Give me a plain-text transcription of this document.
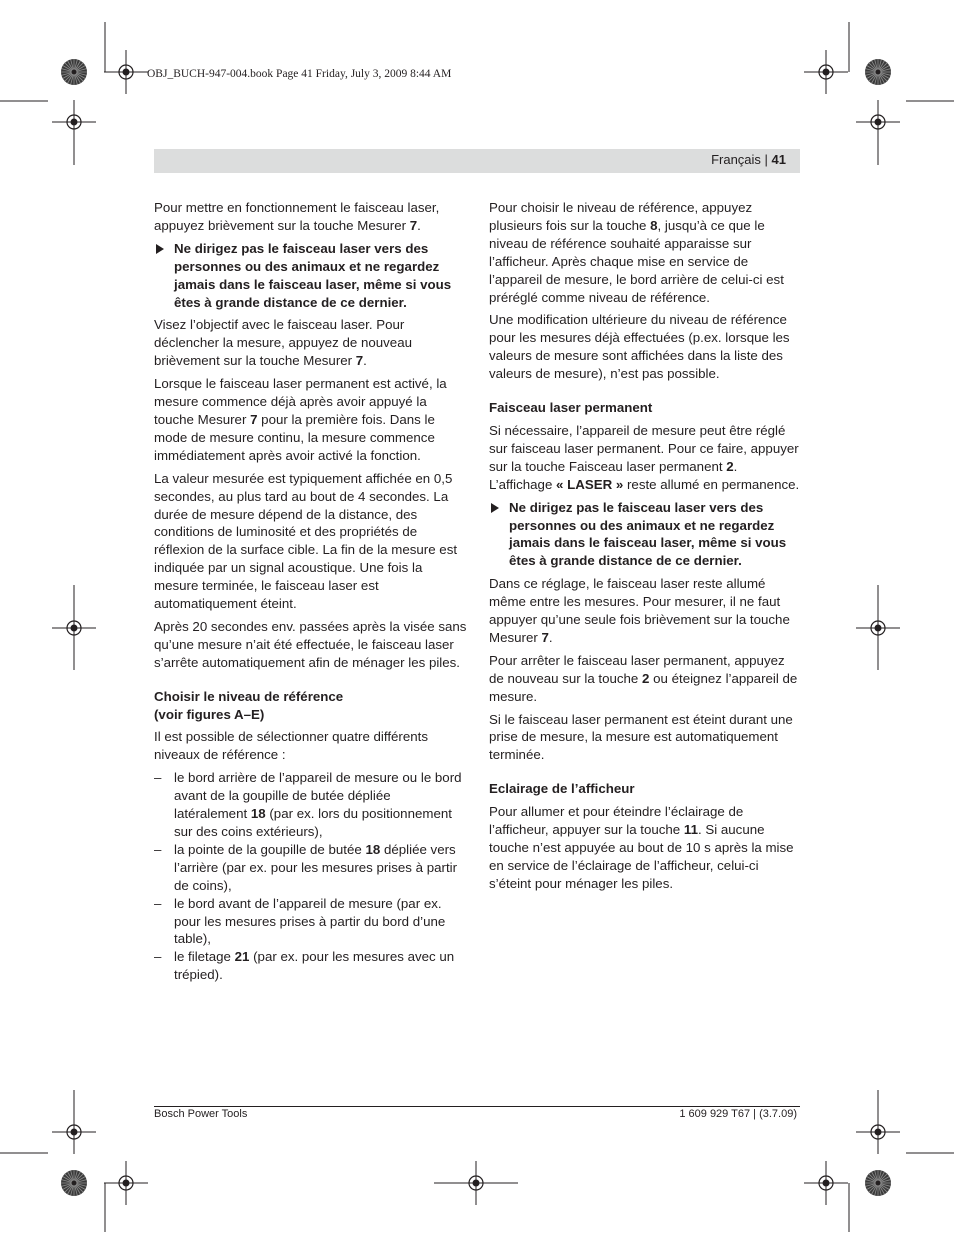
OBJ_BUCH-947-004.book Page 41 Friday, July 3, 2009 8:44 AM
Français | 41

Pour mettre en fonctionnement le faisceau laser, appuyez brièvement sur la touche Mesurer 7.

Ne dirigez pas le faisceau laser vers des personnes ou des animaux et ne regardez jamais dans le faisceau laser, même si vous êtes à grande distance de ce dernier.

Visez l’objectif avec le faisceau laser. Pour déclencher la mesure, appuyez de nouveau brièvement sur la touche Mesurer 7.

Lorsque le faisceau laser permanent est activé, la mesure commence déjà après avoir appuyé la touche Mesurer 7 pour la première fois. Dans le mode de mesure continu, la mesure commence immédiatement après avoir activé la fonction.

La valeur mesurée est typiquement affichée en 0,5 secondes, au plus tard au bout de 4 secondes. La durée de mesure dépend de la distance, des conditions de luminosité et des propriétés de réflexion de la surface cible. La fin de la mesure est indiquée par un signal acoustique. Une fois la mesure terminée, le faisceau laser est automatiquement éteint.

Après 20 secondes env. passées après la visée sans qu’une mesure n’ait été effectuée, le faisceau laser s’arrête automatiquement afin de ménager les piles.

Choisir le niveau de référence
(voir figures A–E)

Il est possible de sélectionner quatre différents niveaux de référence :

– le bord arrière de l’appareil de mesure ou le bord avant de la goupille de butée dépliée latéralement 18 (par ex. lors du positionnement sur des coins extérieurs),
– la pointe de la goupille de butée 18 dépliée vers l’arrière (par ex. pour les mesures prises à partir de coins),
– le bord avant de l’appareil de mesure (par ex. pour les mesures prises à partir du bord d’une table),
– le filetage 21 (par ex. pour les mesures avec un trépied).

Pour choisir le niveau de référence, appuyez plusieurs fois sur la touche 8, jusqu’à ce que le niveau de référence souhaité apparaisse sur l’afficheur. Après chaque mise en service de l’appareil de mesure, le bord arrière de celui-ci est préréglé comme niveau de référence.

Une modification ultérieure du niveau de référence pour les mesures déjà effectuées (p.ex. lorsque les valeurs de mesure sont affichées dans la liste des valeurs de mesure), n’est pas possible.

Faisceau laser permanent

Si nécessaire, l’appareil de mesure peut être réglé sur faisceau laser permanent. Pour ce faire, appuyer sur la touche Faisceau laser permanent 2. L’affichage « LASER » reste allumé en permanence.

Ne dirigez pas le faisceau laser vers des personnes ou des animaux et ne regardez jamais dans le faisceau laser, même si vous êtes à grande distance de ce dernier.

Dans ce réglage, le faisceau laser reste allumé même entre les mesures. Pour mesurer, il ne faut appuyer qu’une seule fois brièvement sur la touche Mesurer 7.

Pour arrêter le faisceau laser permanent, appuyez de nouveau sur la touche 2 ou éteignez l’appareil de mesure.

Si le faisceau laser permanent est éteint durant une prise de mesure, la mesure est automatiquement terminée.

Eclairage de l’afficheur

Pour allumer et pour éteindre l’éclairage de l’afficheur, appuyer sur la touche 11. Si aucune touche n’est appuyée au bout de 10 s après la mise en service de l’éclairage de l’afficheur, celui-ci s’éteint pour ménager les piles.

Bosch Power Tools	1 609 929 T67 | (3.7.09)
